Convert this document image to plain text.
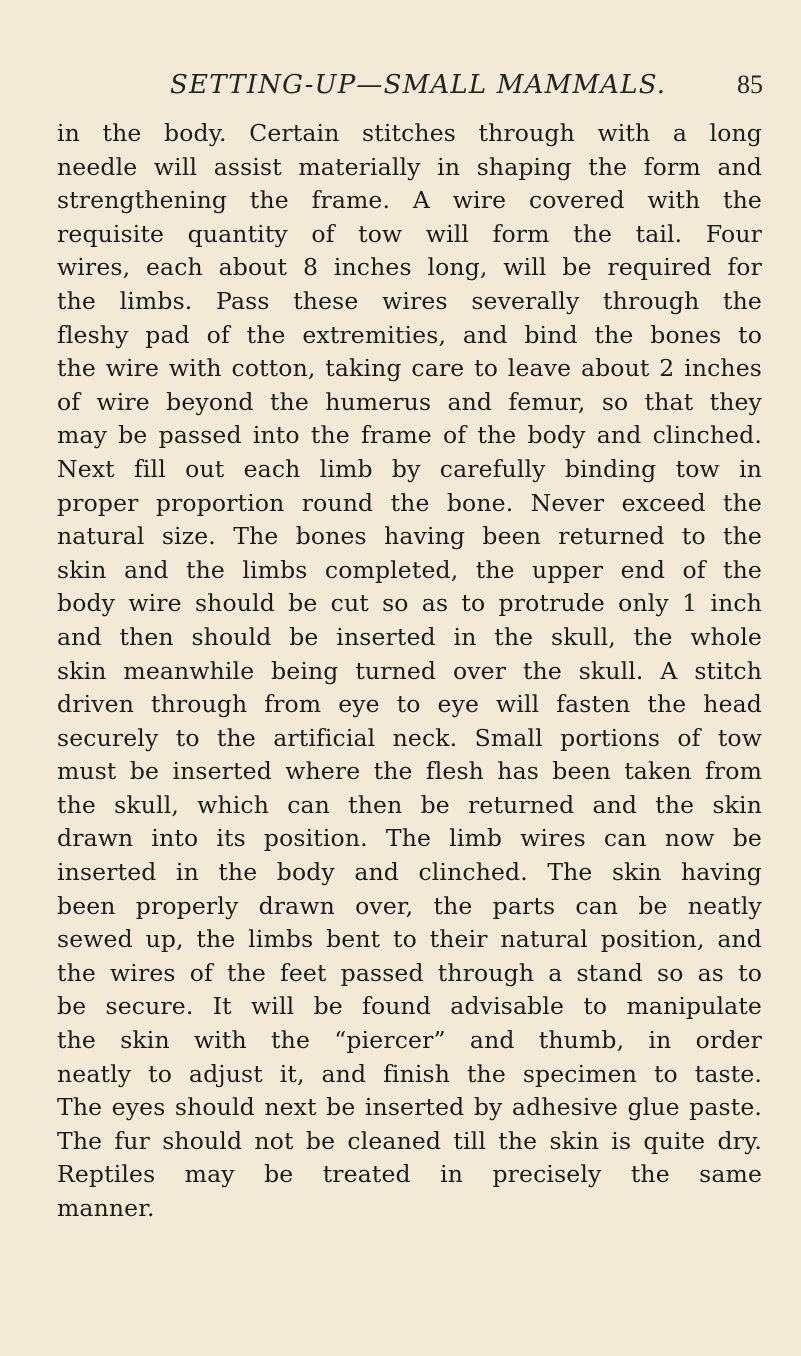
SETTING-UP—SMALL MAMMALS.	85
in the body. Certain stitches through with a long
needle will assist materially in shaping the form and
strengthening the frame. A wire covered with the
requisite quantity of tow will form the tail. Four
wires, each about 8 inches long, will be required for
the limbs. Pass these wires severally through the
fleshy pad of the extremities, and bind the bones to
the wire with cotton, taking care to leave about 2 inches
of wire beyond the humerus and femur, so that they
may be passed into the frame of the body and clinched.
Next fill out each limb by carefully binding tow in
proper proportion round the bone. Never exceed the
natural size. The bones having been returned to the
skin and the limbs completed, the upper end of the
body wire should be cut so as to protrude only 1 inch
and then should be inserted in the skull, the whole
skin meanwhile being turned over the skull. A stitch
driven through from eye to eye will fasten the head
securely to the artificial neck. Small portions of tow
must be inserted where the flesh has been taken from
the skull, which can then be returned and the skin
drawn into its position. The limb wires can now be
inserted in the body and clinched. The skin having
been properly drawn over, the parts can be neatly
sewed up, the limbs bent to their natural position, and
the wires of the feet passed through a stand so as to
be secure. It will be found advisable to manipulate
the skin with the “piercer” and thumb, in order
neatly to adjust it, and finish the specimen to taste.
The eyes should next be inserted by adhesive glue paste.
The fur should not be cleaned till the skin is quite dry.
Reptiles may be treated in precisely the same
manner.
